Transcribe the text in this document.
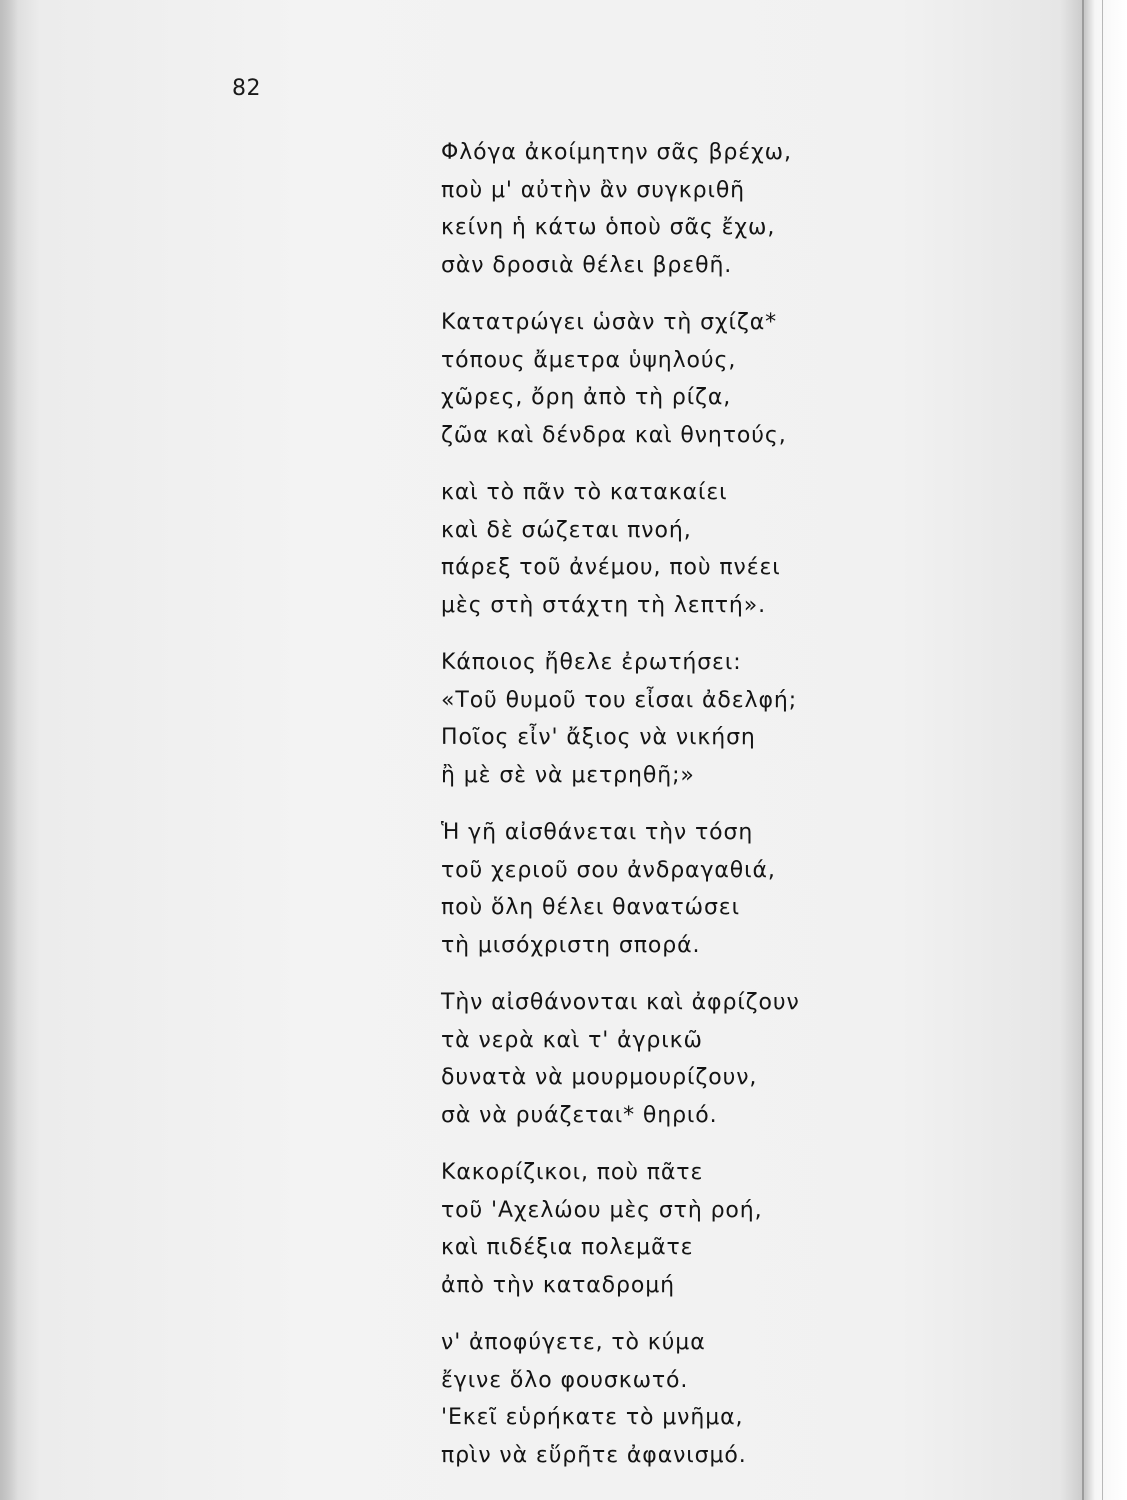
82
Φλόγα ἀκοίμητην σᾶς βρέχω,
ποὺ μ' αὐτὴν ἂν συγκριθῆ
κείνη ἡ κάτω ὁποὺ σᾶς ἔχω,
σὰν δροσιὰ θέλει βρεθῆ.
Κατατρώγει ὡσὰν τὴ σχίζα*
τόπους ἄμετρα ὑψηλούς,
χῶρες, ὄρη ἀπὸ τὴ ρίζα,
ζῶα καὶ δένδρα καὶ θνητούς,
καὶ τὸ πᾶν τὸ κατακαίει
καὶ δὲ σώζεται πνοή,
πάρεξ τοῦ ἀνέμου, ποὺ πνέει
μὲς στὴ στάχτη τὴ λεπτή».
Κάποιος ἤθελε ἐρωτήσει:
«Τοῦ θυμοῦ του εἶσαι ἀδελφή;
Ποῖος εἶν' ἄξιος νὰ νικήση
ἢ μὲ σὲ νὰ μετρηθῆ;»
Ἡ γῆ αἰσθάνεται τὴν τόση
τοῦ χεριοῦ σου ἀνδραγαθιά,
ποὺ ὅλη θέλει θανατώσει
τὴ μισόχριστη σπορά.
Τὴν αἰσθάνονται καὶ ἀφρίζουν
τὰ νερὰ καὶ τ' ἀγρικῶ
δυνατὰ νὰ μουρμουρίζουν,
σὰ νὰ ρυάζεται* θηριό.
Κακορίζικοι, ποὺ πᾶτε
τοῦ 'Αχελώου μὲς στὴ ροή,
καὶ πιδέξια πολεμᾶτε
ἀπὸ τὴν καταδρομή
ν' ἀποφύγετε, τὸ κύμα
ἔγινε ὅλο φουσκωτό.
'Εκεῖ εὑρήκατε τὸ μνῆμα,
πρὶν νὰ εὕρῆτε ἀφανισμό.
